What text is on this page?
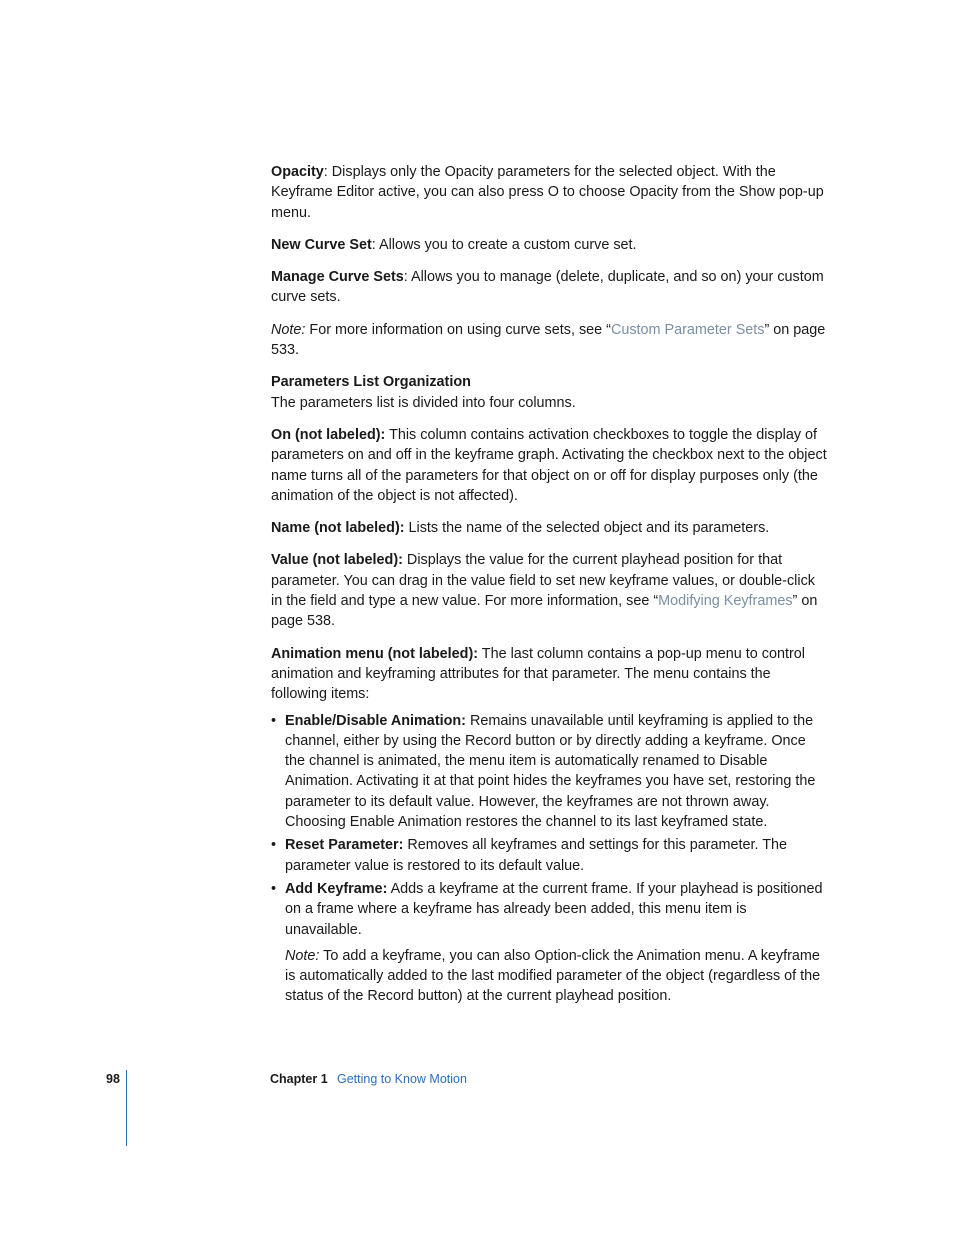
Opacity: Displays only the Opacity parameters for the selected object. With the Keyframe Editor active, you can also press O to choose Opacity from the Show pop-up menu.

New Curve Set: Allows you to create a custom curve set.

Manage Curve Sets: Allows you to manage (delete, duplicate, and so on) your custom curve sets.

Note: For more information on using curve sets, see “Custom Parameter Sets” on page 533.

Parameters List Organization
The parameters list is divided into four columns.

On (not labeled): This column contains activation checkboxes to toggle the display of parameters on and off in the keyframe graph. Activating the checkbox next to the object name turns all of the parameters for that object on or off for display purposes only (the animation of the object is not affected).

Name (not labeled): Lists the name of the selected object and its parameters.

Value (not labeled): Displays the value for the current playhead position for that parameter. You can drag in the value field to set new keyframe values, or double-click in the field and type a new value. For more information, see “Modifying Keyframes” on page 538.

Animation menu (not labeled): The last column contains a pop-up menu to control animation and keyframing attributes for that parameter. The menu contains the following items:

• Enable/Disable Animation: Remains unavailable until keyframing is applied to the channel, either by using the Record button or by directly adding a keyframe. Once the channel is animated, the menu item is automatically renamed to Disable Animation. Activating it at that point hides the keyframes you have set, restoring the parameter to its default value. However, the keyframes are not thrown away. Choosing Enable Animation restores the channel to its last keyframed state.
• Reset Parameter: Removes all keyframes and settings for this parameter. The parameter value is restored to its default value.
• Add Keyframe: Adds a keyframe at the current frame. If your playhead is positioned on a frame where a keyframe has already been added, this menu item is unavailable.
Note: To add a keyframe, you can also Option-click the Animation menu. A keyframe is automatically added to the last modified parameter of the object (regardless of the status of the Record button) at the current playhead position.
98	Chapter 1 Getting to Know Motion
